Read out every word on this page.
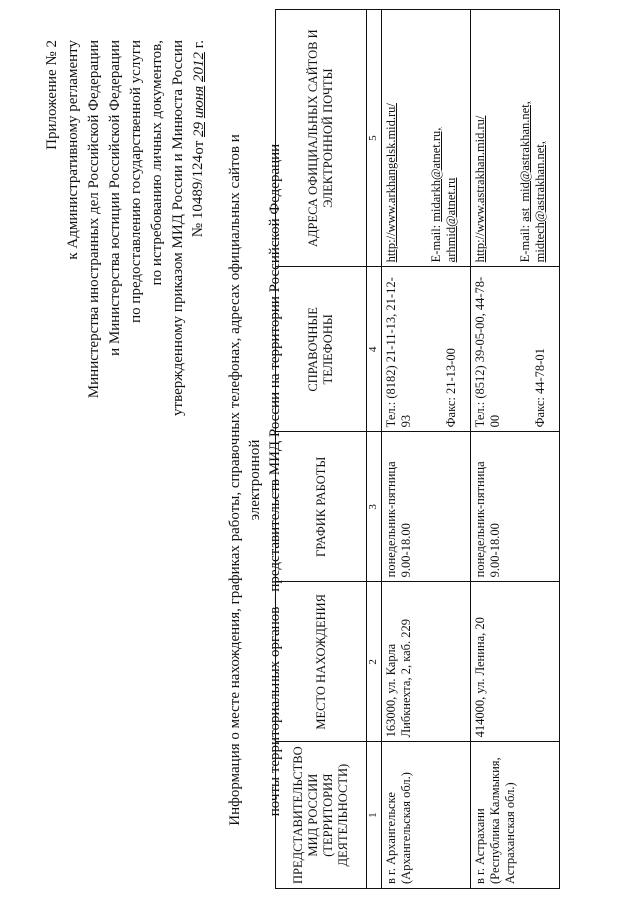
Приложение № 2 к Административному регламенту Министерства иностранных дел Российской Федерации и Министерства юстиции Российской Федерации по предоставлению государственной услуги по истребованию личных документов, утвержденному приказом МИД России и Минюста России от 29 июня 2012 г.
№ 10489/124 Информация о месте нахождения, графиках работы, справочных телефонах, адресах официальных сайтов и электронной почты территориальных органов – представительств МИД России на территории Российской Федерации ПРЕДСТАВИТЕЛЬСТВО МИД РОССИИ (ТЕРРИТОРИЯ ДЕЯТЕЛЬНОСТИ)	МЕСТО НАХОЖДЕНИЯ	ГРАФИК РАБОТЫ	СПРАВОЧНЫЕ ТЕЛЕФОНЫ	АДРЕСА ОФИЦИАЛЬНЫХ САЙТОВ И ЭЛЕКТРОННОЙ ПОЧТЫ
1	2	3	4	5

в г. Архангельске (Архангельская обл.)	163000, ул. Карла Либкнехта, 2, каб. 229	понедельник-пятница 9.00-18.00	Тел.: (8182) 21-11-13, 21-12-93 Факс: 21-13-00	http://www.arkhangelsk.mid.ru/ E-mail: midarkh@atnet.ru, arhmid@atnet.ru

в г. Астрахани (Республика Калмыкия, Астраханская обл.)	414000, ул. Ленина, 20	понедельник-пятница 9.00-18.00	Тел.: (8512) 39-05-00, 44-78-00 Факс: 44-78-01	http://www.astrakhan.mid.ru/ E-mail: ast_mid@astrakhan.net, midtech@astrakhan.net,
